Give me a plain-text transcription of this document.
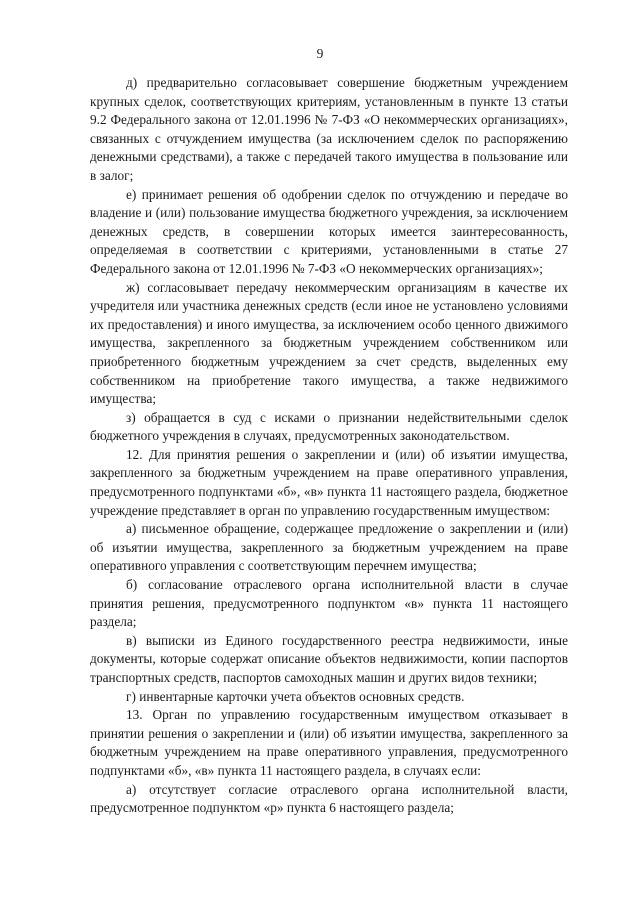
9

д) предварительно согласовывает совершение бюджетным учреждением крупных сделок, соответствующих критериям, установленным в пункте 13 статьи 9.2 Федерального закона от 12.01.1996 № 7-ФЗ «О некоммерческих организациях», связанных с отчуждением имущества (за исключением сделок по распоряжению денежными средствами), а также с передачей такого имущества в пользование или в залог;

е) принимает решения об одобрении сделок по отчуждению и передаче во владение и (или) пользование имущества бюджетного учреждения, за исключением денежных средств, в совершении которых имеется заинтересованность, определяемая в соответствии с критериями, установленными в статье 27 Федерального закона от 12.01.1996 № 7-ФЗ «О некоммерческих организациях»;

ж) согласовывает передачу некоммерческим организациям в качестве их учредителя или участника денежных средств (если иное не установлено условиями их предоставления) и иного имущества, за исключением особо ценного движимого имущества, закрепленного за бюджетным учреждением собственником или приобретенного бюджетным учреждением за счет средств, выделенных ему собственником на приобретение такого имущества, а также недвижимого имущества;

з) обращается в суд с исками о признании недействительными сделок бюджетного учреждения в случаях, предусмотренных законодательством.

12. Для принятия решения о закреплении и (или) об изъятии имущества, закрепленного за бюджетным учреждением на праве оперативного управления, предусмотренного подпунктами «б», «в» пункта 11 настоящего раздела, бюджетное учреждение представляет в орган по управлению государственным имуществом:

а) письменное обращение, содержащее предложение о закреплении и (или) об изъятии имущества, закрепленного за бюджетным учреждением на праве оперативного управления с соответствующим перечнем имущества;

б) согласование отраслевого органа исполнительной власти в случае принятия решения, предусмотренного подпунктом «в» пункта 11 настоящего раздела;

в) выписки из Единого государственного реестра недвижимости, иные документы, которые содержат описание объектов недвижимости, копии паспортов транспортных средств, паспортов самоходных машин и других видов техники;

г) инвентарные карточки учета объектов основных средств.

13. Орган по управлению государственным имуществом отказывает в принятии решения о закреплении и (или) об изъятии имущества, закрепленного за бюджетным учреждением на праве оперативного управления, предусмотренного подпунктами «б», «в» пункта 11 настоящего раздела, в случаях если:

а) отсутствует согласие отраслевого органа исполнительной власти, предусмотренное подпунктом «р» пункта 6 настоящего раздела;
